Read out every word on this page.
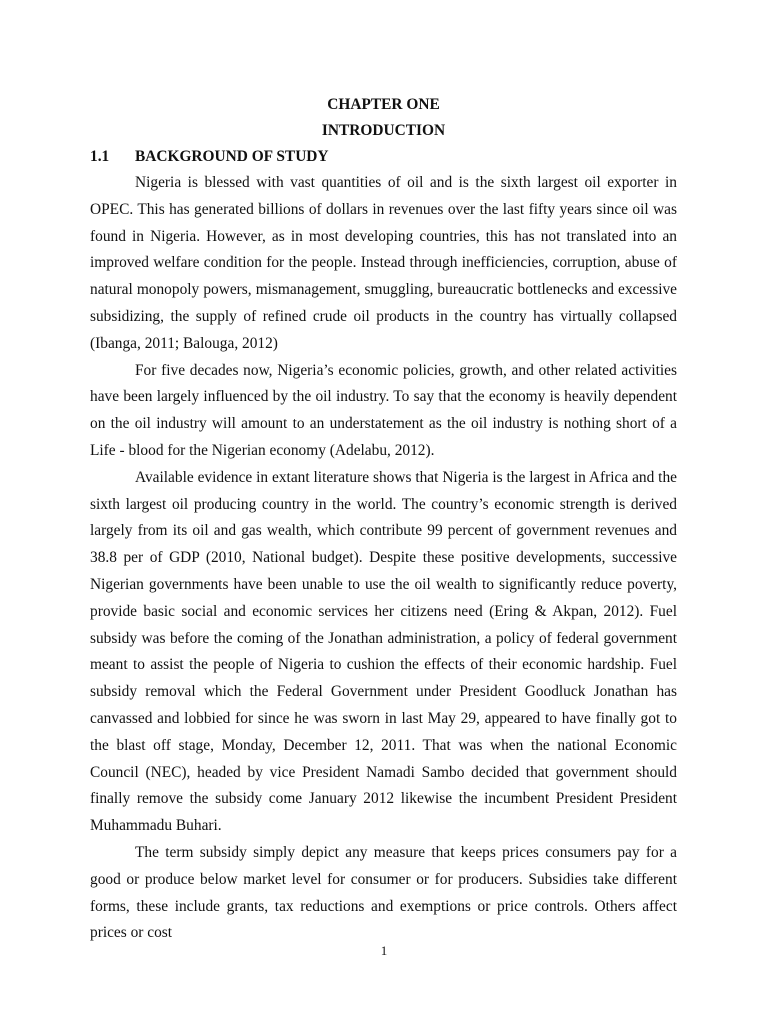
CHAPTER ONE

INTRODUCTION

1.1	BACKGROUND OF STUDY

Nigeria is blessed with vast quantities of oil and is the sixth largest oil exporter in OPEC. This has generated billions of dollars in revenues over the last fifty years since oil was found in Nigeria. However, as in most developing countries, this has not translated into an improved welfare condition for the people. Instead through inefficiencies, corruption, abuse of natural monopoly powers, mismanagement, smuggling, bureaucratic bottlenecks and excessive subsidizing, the supply of refined crude oil products in the country has virtually collapsed (Ibanga, 2011; Balouga, 2012)

For five decades now, Nigeria’s economic policies, growth, and other related activities have been largely influenced by the oil industry. To say that the economy is heavily dependent on the oil industry will amount to an understatement as the oil industry is nothing short of a Life - blood for the Nigerian economy (Adelabu, 2012).

Available evidence in extant literature shows that Nigeria is the largest in Africa and the sixth largest oil producing country in the world. The country’s economic strength is derived largely from its oil and gas wealth, which contribute 99 percent of government revenues and 38.8 per of GDP (2010, National budget). Despite these positive developments, successive Nigerian governments have been unable to use the oil wealth to significantly reduce poverty, provide basic social and economic services her citizens need (Ering & Akpan, 2012). Fuel subsidy was before the coming of the Jonathan administration, a policy of federal government meant to assist the people of Nigeria to cushion the effects of their economic hardship. Fuel subsidy removal which the Federal Government under President Goodluck Jonathan has canvassed and lobbied for since he was sworn in last May 29, appeared to have finally got to the blast off stage, Monday, December 12, 2011. That was when the national Economic Council (NEC), headed by vice President Namadi Sambo decided that government should finally remove the subsidy come January 2012 likewise the incumbent President President Muhammadu Buhari.

The term subsidy simply depict any measure that keeps prices consumers pay for a good or produce below market level for consumer or for producers. Subsidies take different forms, these include grants, tax reductions and exemptions or price controls. Others affect prices or cost

1
